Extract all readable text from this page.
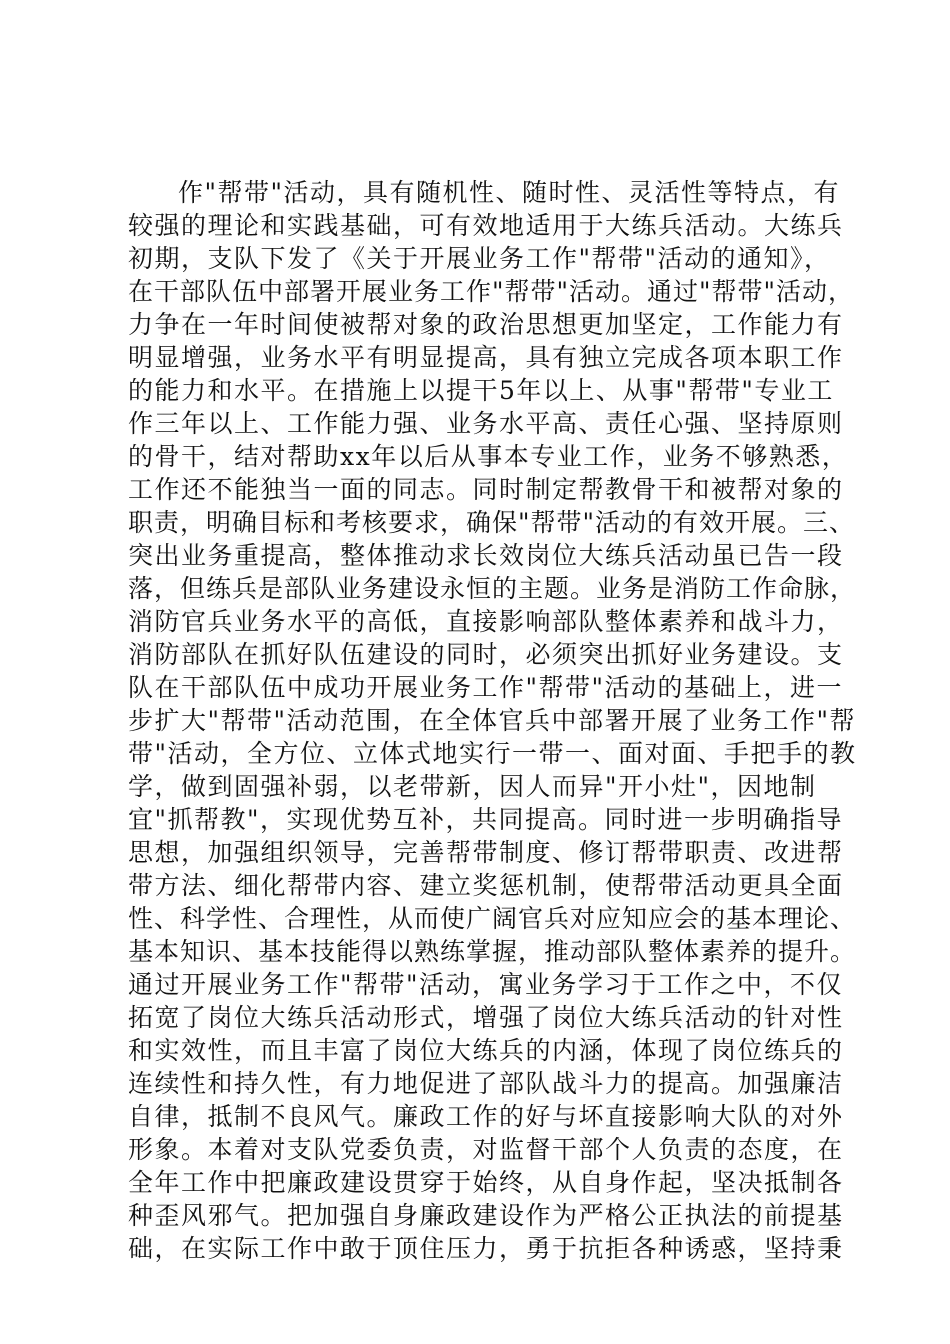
作"帮带"活动，具有随机性、随时性、灵活性等特点，有
较强的理论和实践基础，可有效地适用于大练兵活动。大练兵
初期，支队下发了《关于开展业务工作"帮带"活动的通知》，
在干部队伍中部署开展业务工作"帮带"活动。通过"帮带"活动，
力争在一年时间使被帮对象的政治思想更加坚定，工作能力有
明显增强，业务水平有明显提高，具有独立完成各项本职工作
的能力和水平。在措施上以提干5年以上、从事"帮带"专业工
作三年以上、工作能力强、业务水平高、责任心强、坚持原则
的骨干，结对帮助xx年以后从事本专业工作，业务不够熟悉，
工作还不能独当一面的同志。同时制定帮教骨干和被帮对象的
职责，明确目标和考核要求，确保"帮带"活动的有效开展。三、
突出业务重提高，整体推动求长效岗位大练兵活动虽已告一段
落，但练兵是部队业务建设永恒的主题。业务是消防工作命脉，
消防官兵业务水平的高低，直接影响部队整体素养和战斗力，
消防部队在抓好队伍建设的同时，必须突出抓好业务建设。支
队在干部队伍中成功开展业务工作"帮带"活动的基础上，进一
步扩大"帮带"活动范围，在全体官兵中部署开展了业务工作"帮
带"活动，全方位、立体式地实行一带一、面对面、手把手的教
学，做到固强补弱，以老带新，因人而异"开小灶"，因地制
宜"抓帮教"，实现优势互补，共同提高。同时进一步明确指导
思想，加强组织领导，完善帮带制度、修订帮带职责、改进帮
带方法、细化帮带内容、建立奖惩机制，使帮带活动更具全面
性、科学性、合理性，从而使广阔官兵对应知应会的基本理论、
基本知识、基本技能得以熟练掌握，推动部队整体素养的提升。
通过开展业务工作"帮带"活动，寓业务学习于工作之中，不仅
拓宽了岗位大练兵活动形式，增强了岗位大练兵活动的针对性
和实效性，而且丰富了岗位大练兵的内涵，体现了岗位练兵的
连续性和持久性，有力地促进了部队战斗力的提高。加强廉洁
自律，抵制不良风气。廉政工作的好与坏直接影响大队的对外
形象。本着对支队党委负责，对监督干部个人负责的态度，在
全年工作中把廉政建设贯穿于始终，从自身作起，坚决抵制各
种歪风邪气。把加强自身廉政建设作为严格公正执法的前提基
础，在实际工作中敢于顶住压力，勇于抗拒各种诱惑，坚持秉
